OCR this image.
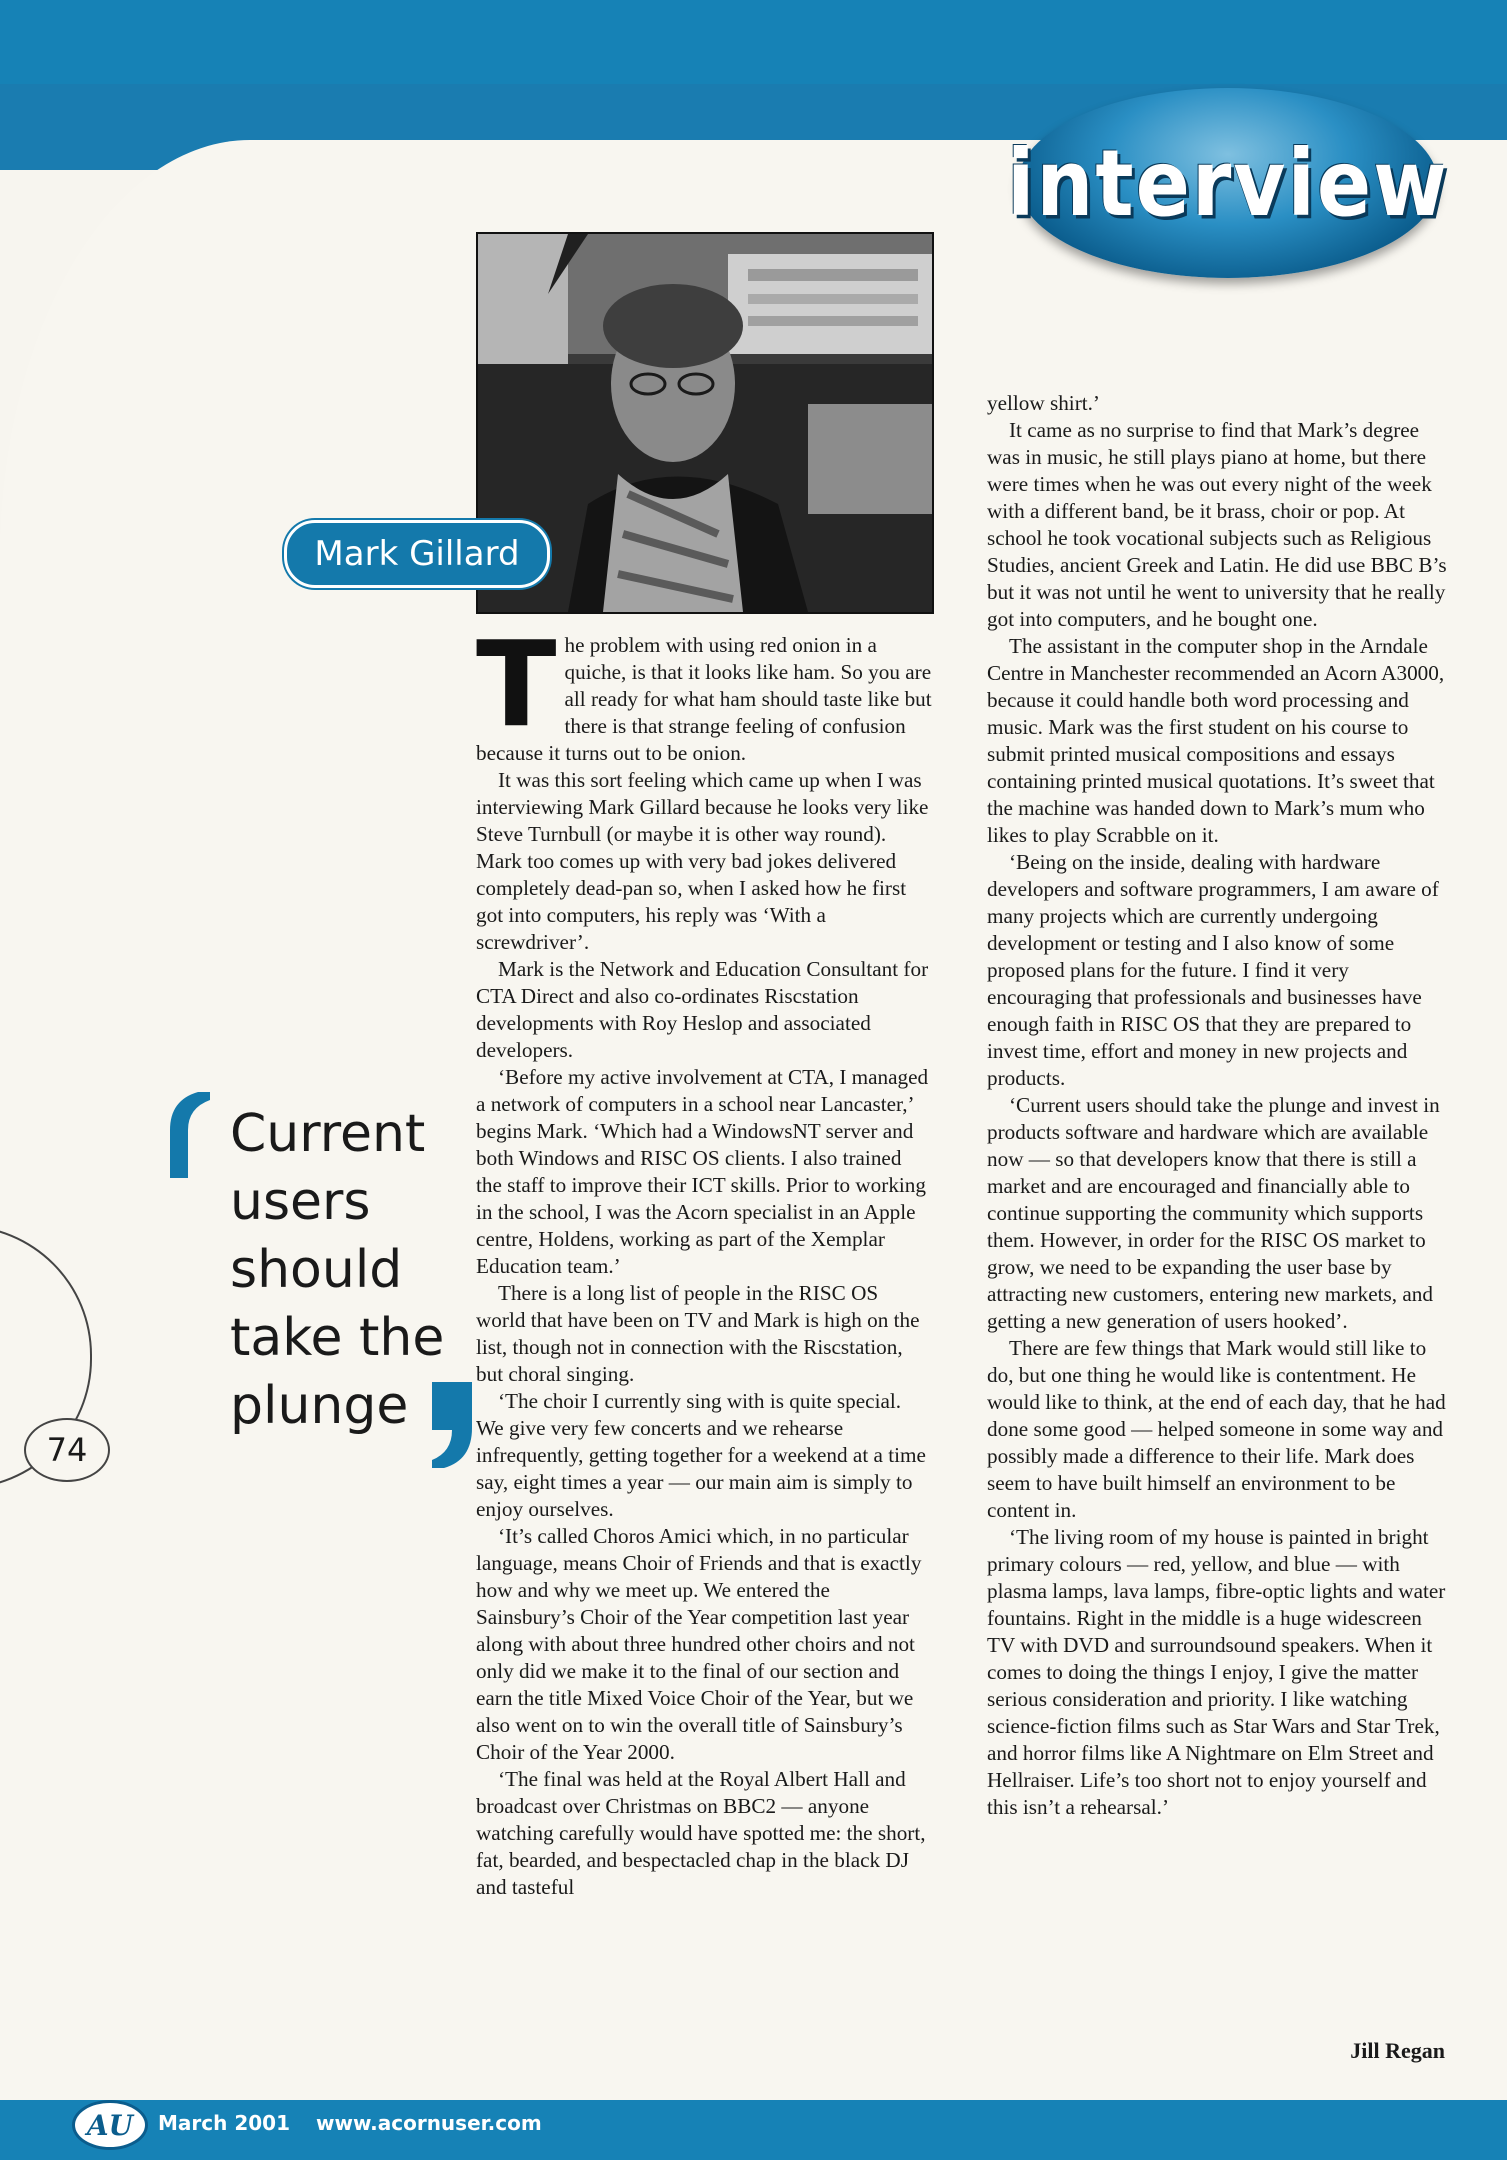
interview
Mark Gillard
Current users should take the plunge
74
T he problem with using red onion in a quiche, is that it looks like ham. So you are all ready for what ham should taste like but there is that strange feeling of confusion because it turns out to be onion.

It was this sort feeling which came up when I was interviewing Mark Gillard because he looks very like Steve Turnbull (or maybe it is other way round). Mark too comes up with very bad jokes delivered completely dead-pan so, when I asked how he first got into computers, his reply was ‘With a screwdriver’.

Mark is the Network and Education Consultant for CTA Direct and also co-ordinates Riscstation developments with Roy Heslop and associated developers.

‘Before my active involvement at CTA, I managed a network of computers in a school near Lancaster,’ begins Mark. ‘Which had a WindowsNT server and both Windows and RISC OS clients. I also trained the staff to improve their ICT skills. Prior to working in the school, I was the Acorn specialist in an Apple centre, Holdens, working as part of the Xemplar Education team.’

There is a long list of people in the RISC OS world that have been on TV and Mark is high on the list, though not in connection with the Riscstation, but choral singing.

‘The choir I currently sing with is quite special. We give very few concerts and we rehearse infrequently, getting together for a weekend at a time say, eight times a year — our main aim is simply to enjoy ourselves.

‘It’s called Choros Amici which, in no particular language, means Choir of Friends and that is exactly how and why we meet up. We entered the Sainsbury’s Choir of the Year competition last year along with about three hundred other choirs and not only did we make it to the final of our section and earn the title Mixed Voice Choir of the Year, but we also went on to win the overall title of Sainsbury’s Choir of the Year 2000.

‘The final was held at the Royal Albert Hall and broadcast over Christmas on BBC2 — anyone watching carefully would have spotted me: the short, fat, bearded, and bespectacled chap in the black DJ and tasteful

yellow shirt.’

It came as no surprise to find that Mark’s degree was in music, he still plays piano at home, but there were times when he was out every night of the week with a different band, be it brass, choir or pop. At school he took vocational subjects such as Religious Studies, ancient Greek and Latin. He did use BBC B’s but it was not until he went to university that he really got into computers, and he bought one.

The assistant in the computer shop in the Arndale Centre in Manchester recommended an Acorn A3000, because it could handle both word processing and music. Mark was the first student on his course to submit printed musical compositions and essays containing printed musical quotations. It’s sweet that the machine was handed down to Mark’s mum who likes to play Scrabble on it.

‘Being on the inside, dealing with hardware developers and software programmers, I am aware of many projects which are currently undergoing development or testing and I also know of some proposed plans for the future. I find it very encouraging that professionals and businesses have enough faith in RISC OS that they are prepared to invest time, effort and money in new projects and products.

‘Current users should take the plunge and invest in products software and hardware which are available now — so that developers know that there is still a market and are encouraged and financially able to continue supporting the community which supports them. However, in order for the RISC OS market to grow, we need to be expanding the user base by attracting new customers, entering new markets, and getting a new generation of users hooked’.

There are few things that Mark would still like to do, but one thing he would like is contentment. He would like to think, at the end of each day, that he had done some good — helped someone in some way and possibly made a difference to their life. Mark does seem to have built himself an environment to be content in.

‘The living room of my house is painted in bright primary colours — red, yellow, and blue — with plasma lamps, lava lamps, fibre-optic lights and water fountains. Right in the middle is a huge widescreen TV with DVD and surroundsound speakers. When it comes to doing the things I enjoy, I give the matter serious consideration and priority. I like watching science-fiction films such as Star Wars and Star Trek, and horror films like A Nightmare on Elm Street and Hellraiser. Life’s too short not to enjoy yourself and this isn’t a rehearsal.’

Jill Regan
AU	March 2001 www.acornuser.com
